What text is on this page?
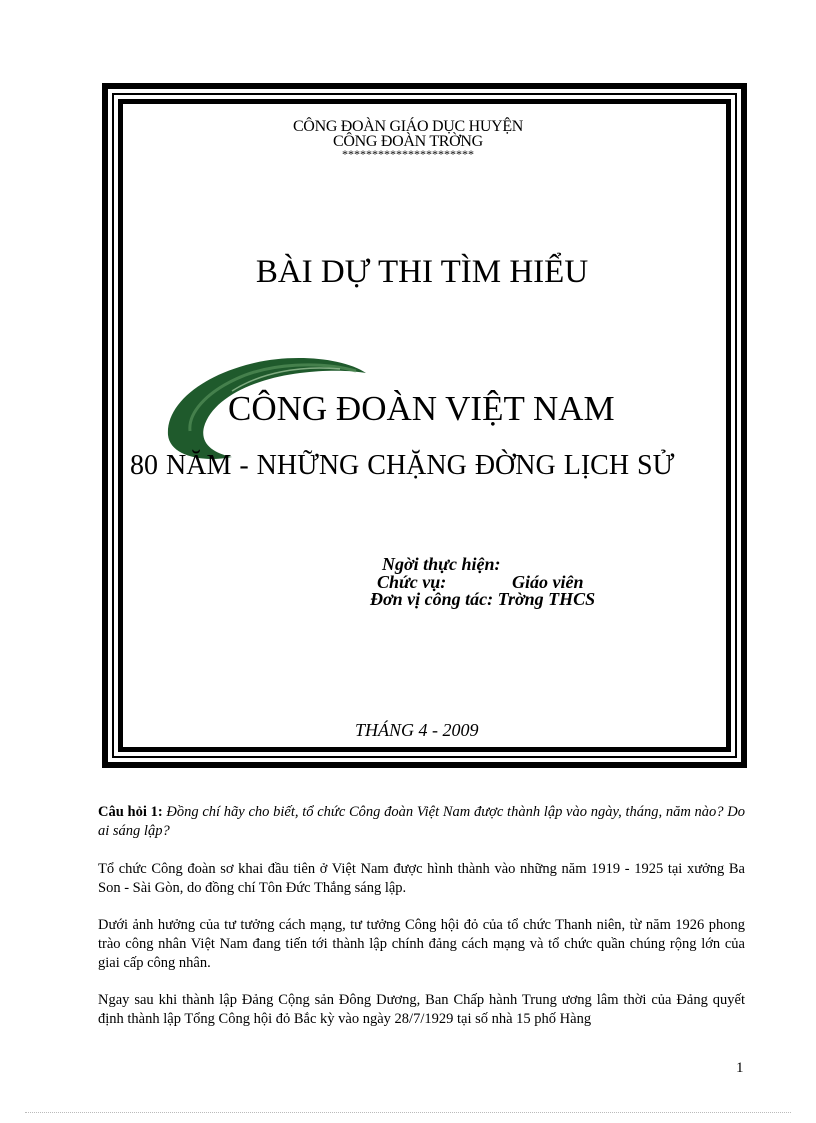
CÔNG ĐOÀN GIÁO DỤC HUYỆN
CÔNG ĐOÀN TRỜNG
**********************
BÀI DỰ THI TÌM HIỂU
CÔNG ĐOÀN VIỆT NAM
80 NĂM - NHỮNG CHẶNG ĐỜNG LỊCH SỬ
Ngời thực hiện:
Chức vụ:	Giáo viên
Đơn vị công tác: Trờng THCS
THÁNG 4 - 2009
Câu hỏi 1: Đồng chí hãy cho biết, tổ chức Công đoàn Việt Nam được thành lập vào ngày, tháng, năm nào? Do ai sáng lập?
Tổ chức Công đoàn sơ khai đầu tiên ở Việt Nam được hình thành vào những năm 1919 - 1925 tại xưởng Ba Son - Sài Gòn, do đồng chí Tôn Đức Thắng sáng lập.
Dưới ảnh hưởng của tư tưởng cách mạng, tư tưởng Công hội đỏ của tổ chức Thanh niên, từ năm 1926 phong trào công nhân Việt Nam đang tiến tới thành lập chính đảng cách mạng và tổ chức quần chúng rộng lớn của giai cấp công nhân.
Ngay sau khi thành lập Đảng Cộng sản Đông Dương, Ban Chấp hành Trung ương lâm thời của Đảng quyết định thành lập Tổng Công hội đỏ Bắc kỳ vào ngày 28/7/1929 tại số nhà 15 phố Hàng
1
